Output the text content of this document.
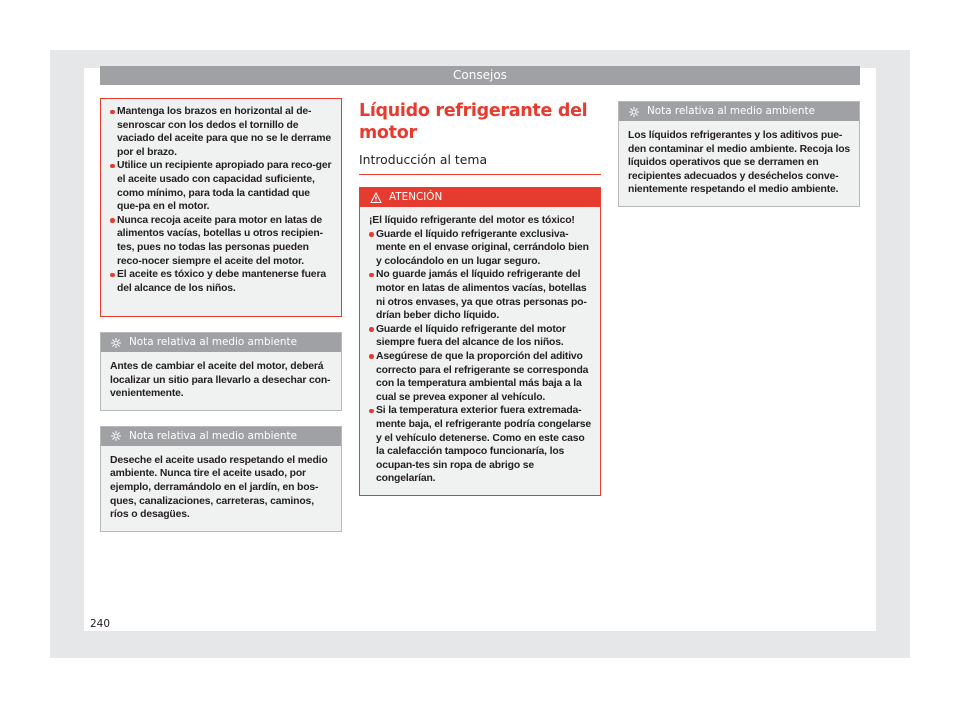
Consejos
Mantenga los brazos en horizontal al de-senroscar con los dedos el tornillo de vaciado del aceite para que no se le derrame por el brazo.
Utilice un recipiente apropiado para reco-ger el aceite usado con capacidad suficiente, como mínimo, para toda la cantidad que que-pa en el motor.
Nunca recoja aceite para motor en latas de alimentos vacías, botellas u otros recipien-tes, pues no todas las personas pueden reco-nocer siempre el aceite del motor.
El aceite es tóxico y debe mantenerse fuera del alcance de los niños.
Nota relativa al medio ambiente
Antes de cambiar el aceite del motor, deberá localizar un sitio para llevarlo a desechar con-venientemente.
Nota relativa al medio ambiente
Deseche el aceite usado respetando el medio ambiente. Nunca tire el aceite usado, por ejemplo, derramándolo en el jardín, en bos-ques, canalizaciones, carreteras, caminos, ríos o desagües.
Líquido refrigerante del motor
Introducción al tema
ATENCIÓN
¡El líquido refrigerante del motor es tóxico!
Guarde el líquido refrigerante exclusiva-mente en el envase original, cerrándolo bien y colocándolo en un lugar seguro.
No guarde jamás el líquido refrigerante del motor en latas de alimentos vacías, botellas ni otros envases, ya que otras personas po-drían beber dicho líquido.
Guarde el líquido refrigerante del motor siempre fuera del alcance de los niños.
Asegúrese de que la proporción del aditivo correcto para el refrigerante se corresponda con la temperatura ambiental más baja a la cual se prevea exponer al vehículo.
Si la temperatura exterior fuera extremada-mente baja, el refrigerante podría congelarse y el vehículo detenerse. Como en este caso la calefacción tampoco funcionaría, los ocupan-tes sin ropa de abrigo se congelarían.
Nota relativa al medio ambiente
Los líquidos refrigerantes y los aditivos pue-den contaminar el medio ambiente. Recoja los líquidos operativos que se derramen en recipientes adecuados y deséchelos conve-nientemente respetando el medio ambiente.
240
